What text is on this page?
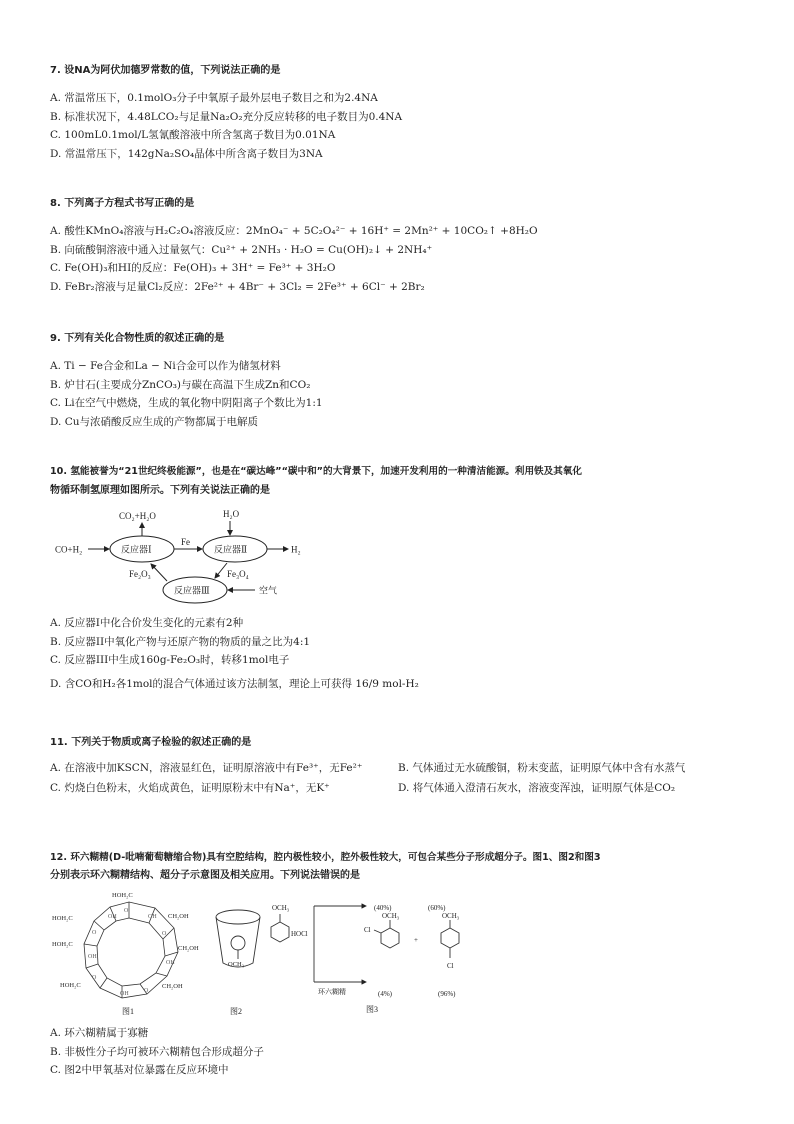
7. 设NA为阿伏加德罗常数的值，下列说法正确的是
A. 常温常压下，0.1molO₃分子中氧原子最外层电子数目之和为2.4NA
B. 标准状况下，4.48LCO₂与足量Na₂O₂充分反应转移的电子数目为0.4NA
C. 100mL0.1mol/L氢氰酸溶液中所含氢离子数目为0.01NA
D. 常温常压下，142gNa₂SO₄晶体中所含离子数目为3NA
8. 下列离子方程式书写正确的是
A. 酸性KMnO₄溶液与H₂C₂O₄溶液反应：2MnO₄⁻ + 5C₂O₄²⁻ + 16H⁺ = 2Mn²⁺ + 10CO₂↑ +8H₂O
B. 向硫酸铜溶液中通入过量氨气：Cu²⁺ + 2NH₃ · H₂O = Cu(OH)₂↓ + 2NH₄⁺
C. Fe(OH)₃和HI的反应：Fe(OH)₃ + 3H⁺ = Fe³⁺ + 3H₂O
D. FeBr₂溶液与足量Cl₂反应：2Fe²⁺ + 4Br⁻ + 3Cl₂ = 2Fe³⁺ + 6Cl⁻ + 2Br₂
9. 下列有关化合物性质的叙述正确的是
A. Ti − Fe合金和La − Ni合金可以作为储氢材料
B. 炉甘石(主要成分ZnCO₃)与碳在高温下生成Zn和CO₂
C. Li在空气中燃烧，生成的氧化物中阴阳离子个数比为1:1
D. Cu与浓硝酸反应生成的产物都属于电解质
10. 氢能被誉为“21世纪终极能源”，也是在“碳达峰”“碳中和”的大背景下，加速开发利用的一种清洁能源。利用铁及其氧化
物循环制氢原理如图所示。下列有关说法正确的是
反应器Ⅰ	反应器Ⅱ
反应器Ⅲ
CO+H₂
CO₂+H₂O	H₂O
Fe
H₂
Fe₂O₃	Fe₃O₄
空气
A. 反应器I中化合价发生变化的元素有2种
B. 反应器II中氧化产物与还原产物的物质的量之比为4:1
C. 反应器III中生成160g-Fe₂O₃时，转移1mol电子
D. 含CO和H₂各1mol的混合气体通过该方法制氢，理论上可获得 16/9 mol-H₂
11. 下列关于物质或离子检验的叙述正确的是
A. 在溶液中加KSCN，溶液显红色，证明原溶液中有Fe³⁺，无Fe²⁺	B. 气体通过无水硫酸铜，粉末变蓝，证明原气体中含有水蒸气
C. 灼烧白色粉末，火焰成黄色，证明原粉末中有Na⁺，无K⁺	D. 将气体通入澄清石灰水，溶液变浑浊，证明原气体是CO₂
12. 环六糊精(D-吡喃葡萄糖缩合物)具有空腔结构，腔内极性较小，腔外极性较大，可包合某些分子形成超分子。图1、图2和图3
分别表示环六糊精结构、超分子示意图及相关应用。下列说法错误的是
HOH₂C
HOH₂C
HOH₂C
HOH₂C
CH₂OH
CH₂OH
CH₂OH
O
OH
O
OH
O
OH
O
OH
O
OH
图1
OCH₃
图2
OCH₃
HOCl
环六糊精
(40%)	(60%)
OCH₃	OCH₃
Cl
Cl
+
(4%)	(96%)
图3
A. 环六糊精属于寡糖
B. 非极性分子均可被环六糊精包合形成超分子
C. 图2中甲氧基对位暴露在反应环境中
